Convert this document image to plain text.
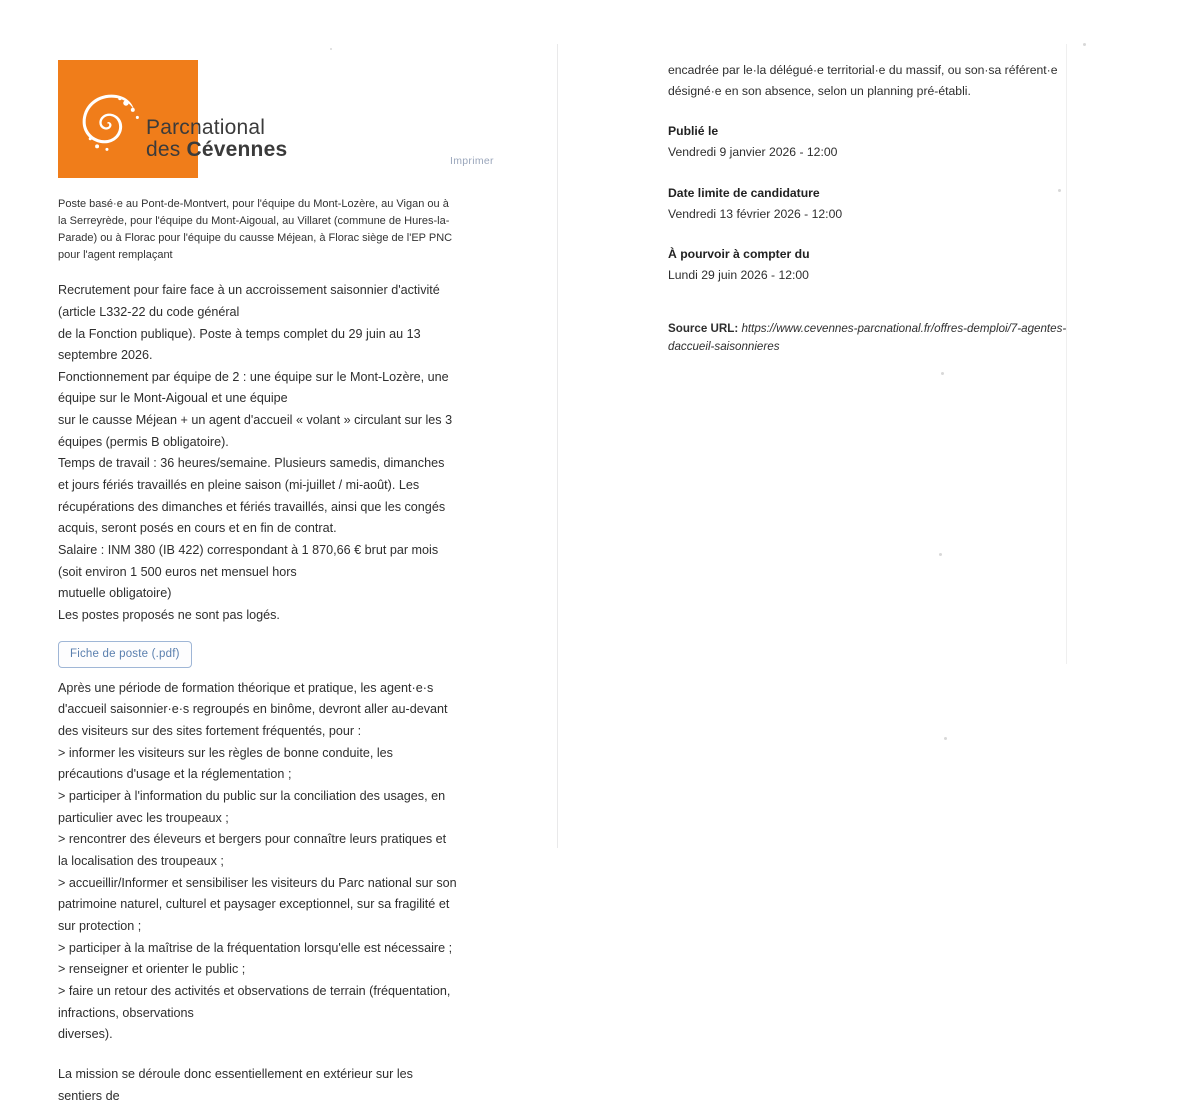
Parcnational
des Cévennes
Imprimer
Poste basé·e au Pont-de-Montvert, pour l'équipe du Mont-Lozère, au Vigan ou à la Serreyrède, pour l'équipe du Mont-Aigoual, au Villaret (commune de Hures-la-Parade) ou à Florac pour l'équipe du causse Méjean, à Florac siège de l'EP PNC pour l'agent remplaçant

Recrutement pour faire face à un accroissement saisonnier d'activité (article L332-22 du code général

de la Fonction publique). Poste à temps complet du 29 juin au 13 septembre 2026.

Fonctionnement par équipe de 2 : une équipe sur le Mont-Lozère, une équipe sur le Mont-Aigoual et une équipe

sur le causse Méjean + un agent d'accueil « volant » circulant sur les 3 équipes (permis B obligatoire).

Temps de travail : 36 heures/semaine. Plusieurs samedis, dimanches et jours fériés travaillés en pleine saison (mi-juillet / mi-août). Les récupérations des dimanches et fériés travaillés, ainsi que les congés acquis, seront posés en cours et en fin de contrat.

Salaire : INM 380 (IB 422) correspondant à 1 870,66 € brut par mois (soit environ 1 500 euros net mensuel hors

mutuelle obligatoire)

Les postes proposés ne sont pas logés.

Fiche de poste (.pdf)

Après une période de formation théorique et pratique, les agent·e·s d'accueil saisonnier·e·s regroupés en binôme, devront aller au-devant des visiteurs sur des sites fortement fréquentés, pour :

> informer les visiteurs sur les règles de bonne conduite, les précautions d'usage et la réglementation ;

> participer à l'information du public sur la conciliation des usages, en particulier avec les troupeaux ;

> rencontrer des éleveurs et bergers pour connaître leurs pratiques et la localisation des troupeaux ;

> accueillir/Informer et sensibiliser les visiteurs du Parc national sur son patrimoine naturel, culturel et paysager exceptionnel, sur sa fragilité et sur protection ;

> participer à la maîtrise de la fréquentation lorsqu'elle est nécessaire ;

> renseigner et orienter le public ;

> faire un retour des activités et observations de terrain (fréquentation, infractions, observations

diverses).

La mission se déroule donc essentiellement en extérieur sur les sentiers de

encadrée par le·la délégué·e territorial·e du massif, ou son·sa référent·e

désigné·e en son absence, selon un planning pré-établi.

Publié le
Vendredi 9 janvier 2026 - 12:00
Date limite de candidature
Vendredi 13 février 2026 - 12:00
À pourvoir à compter du
Lundi 29 juin 2026 - 12:00
Source URL: https://www.cevennes-parcnational.fr/offres-demploi/7-agentes-daccueil-saisonnieres
